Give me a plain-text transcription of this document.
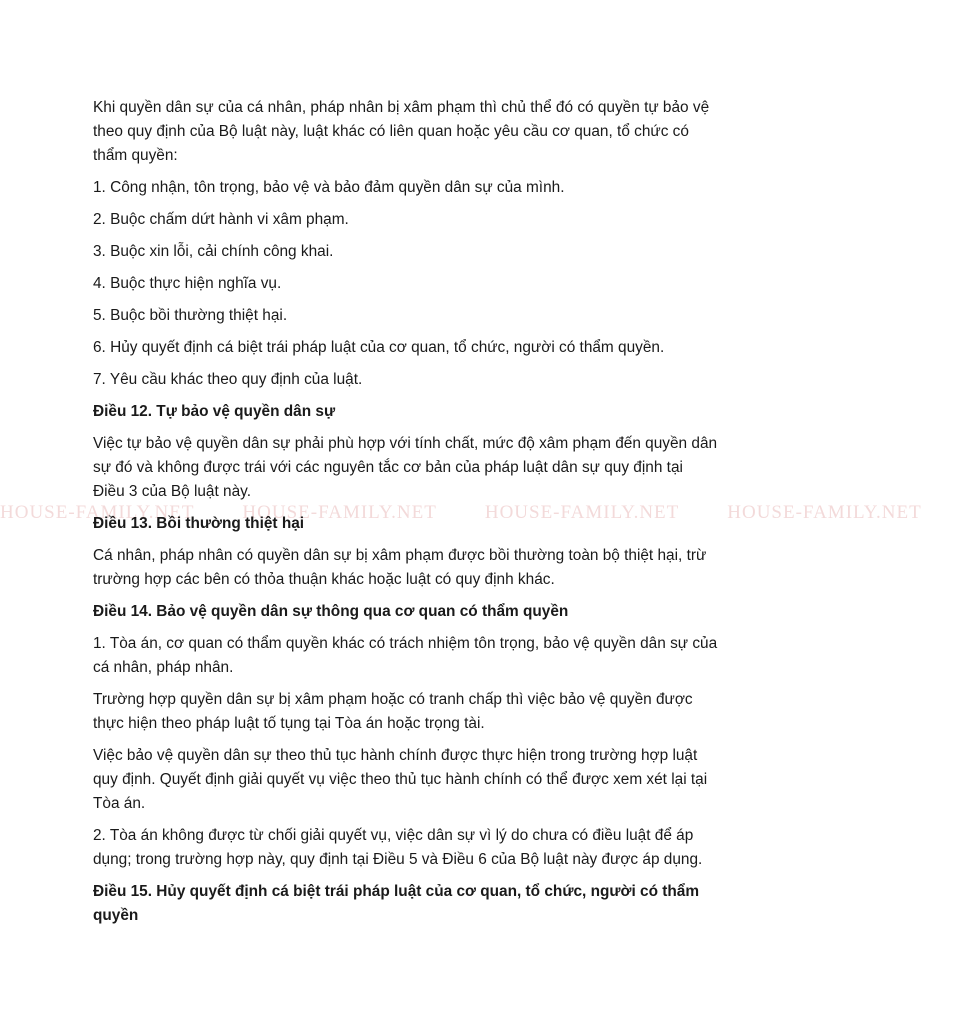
HOUSE-FAMILY.NET	HOUSE-FAMILY.NET	HOUSE-FAMILY.NET	HOUSE-FAMILY.NET

Khi quyền dân sự của cá nhân, pháp nhân bị xâm phạm thì chủ thể đó có quyền tự bảo vệ theo quy định của Bộ luật này, luật khác có liên quan hoặc yêu cầu cơ quan, tổ chức có thẩm quyền:

1. Công nhận, tôn trọng, bảo vệ và bảo đảm quyền dân sự của mình.

2. Buộc chấm dứt hành vi xâm phạm.

3. Buộc xin lỗi, cải chính công khai.

4. Buộc thực hiện nghĩa vụ.

5. Buộc bồi thường thiệt hại.

6. Hủy quyết định cá biệt trái pháp luật của cơ quan, tổ chức, người có thẩm quyền.

7. Yêu cầu khác theo quy định của luật.

Điều 12. Tự bảo vệ quyền dân sự

Việc tự bảo vệ quyền dân sự phải phù hợp với tính chất, mức độ xâm phạm đến quyền dân sự đó và không được trái với các nguyên tắc cơ bản của pháp luật dân sự quy định tại Điều 3 của Bộ luật này.

Điều 13. Bồi thường thiệt hại

Cá nhân, pháp nhân có quyền dân sự bị xâm phạm được bồi thường toàn bộ thiệt hại, trừ trường hợp các bên có thỏa thuận khác hoặc luật có quy định khác.

Điều 14. Bảo vệ quyền dân sự thông qua cơ quan có thẩm quyền

1. Tòa án, cơ quan có thẩm quyền khác có trách nhiệm tôn trọng, bảo vệ quyền dân sự của cá nhân, pháp nhân.

Trường hợp quyền dân sự bị xâm phạm hoặc có tranh chấp thì việc bảo vệ quyền được thực hiện theo pháp luật tố tụng tại Tòa án hoặc trọng tài.

Việc bảo vệ quyền dân sự theo thủ tục hành chính được thực hiện trong trường hợp luật quy định. Quyết định giải quyết vụ việc theo thủ tục hành chính có thể được xem xét lại tại Tòa án.

2. Tòa án không được từ chối giải quyết vụ, việc dân sự vì lý do chưa có điều luật để áp dụng; trong trường hợp này, quy định tại Điều 5 và Điều 6 của Bộ luật này được áp dụng.

Điều 15. Hủy quyết định cá biệt trái pháp luật của cơ quan, tổ chức, người có thẩm quyền
